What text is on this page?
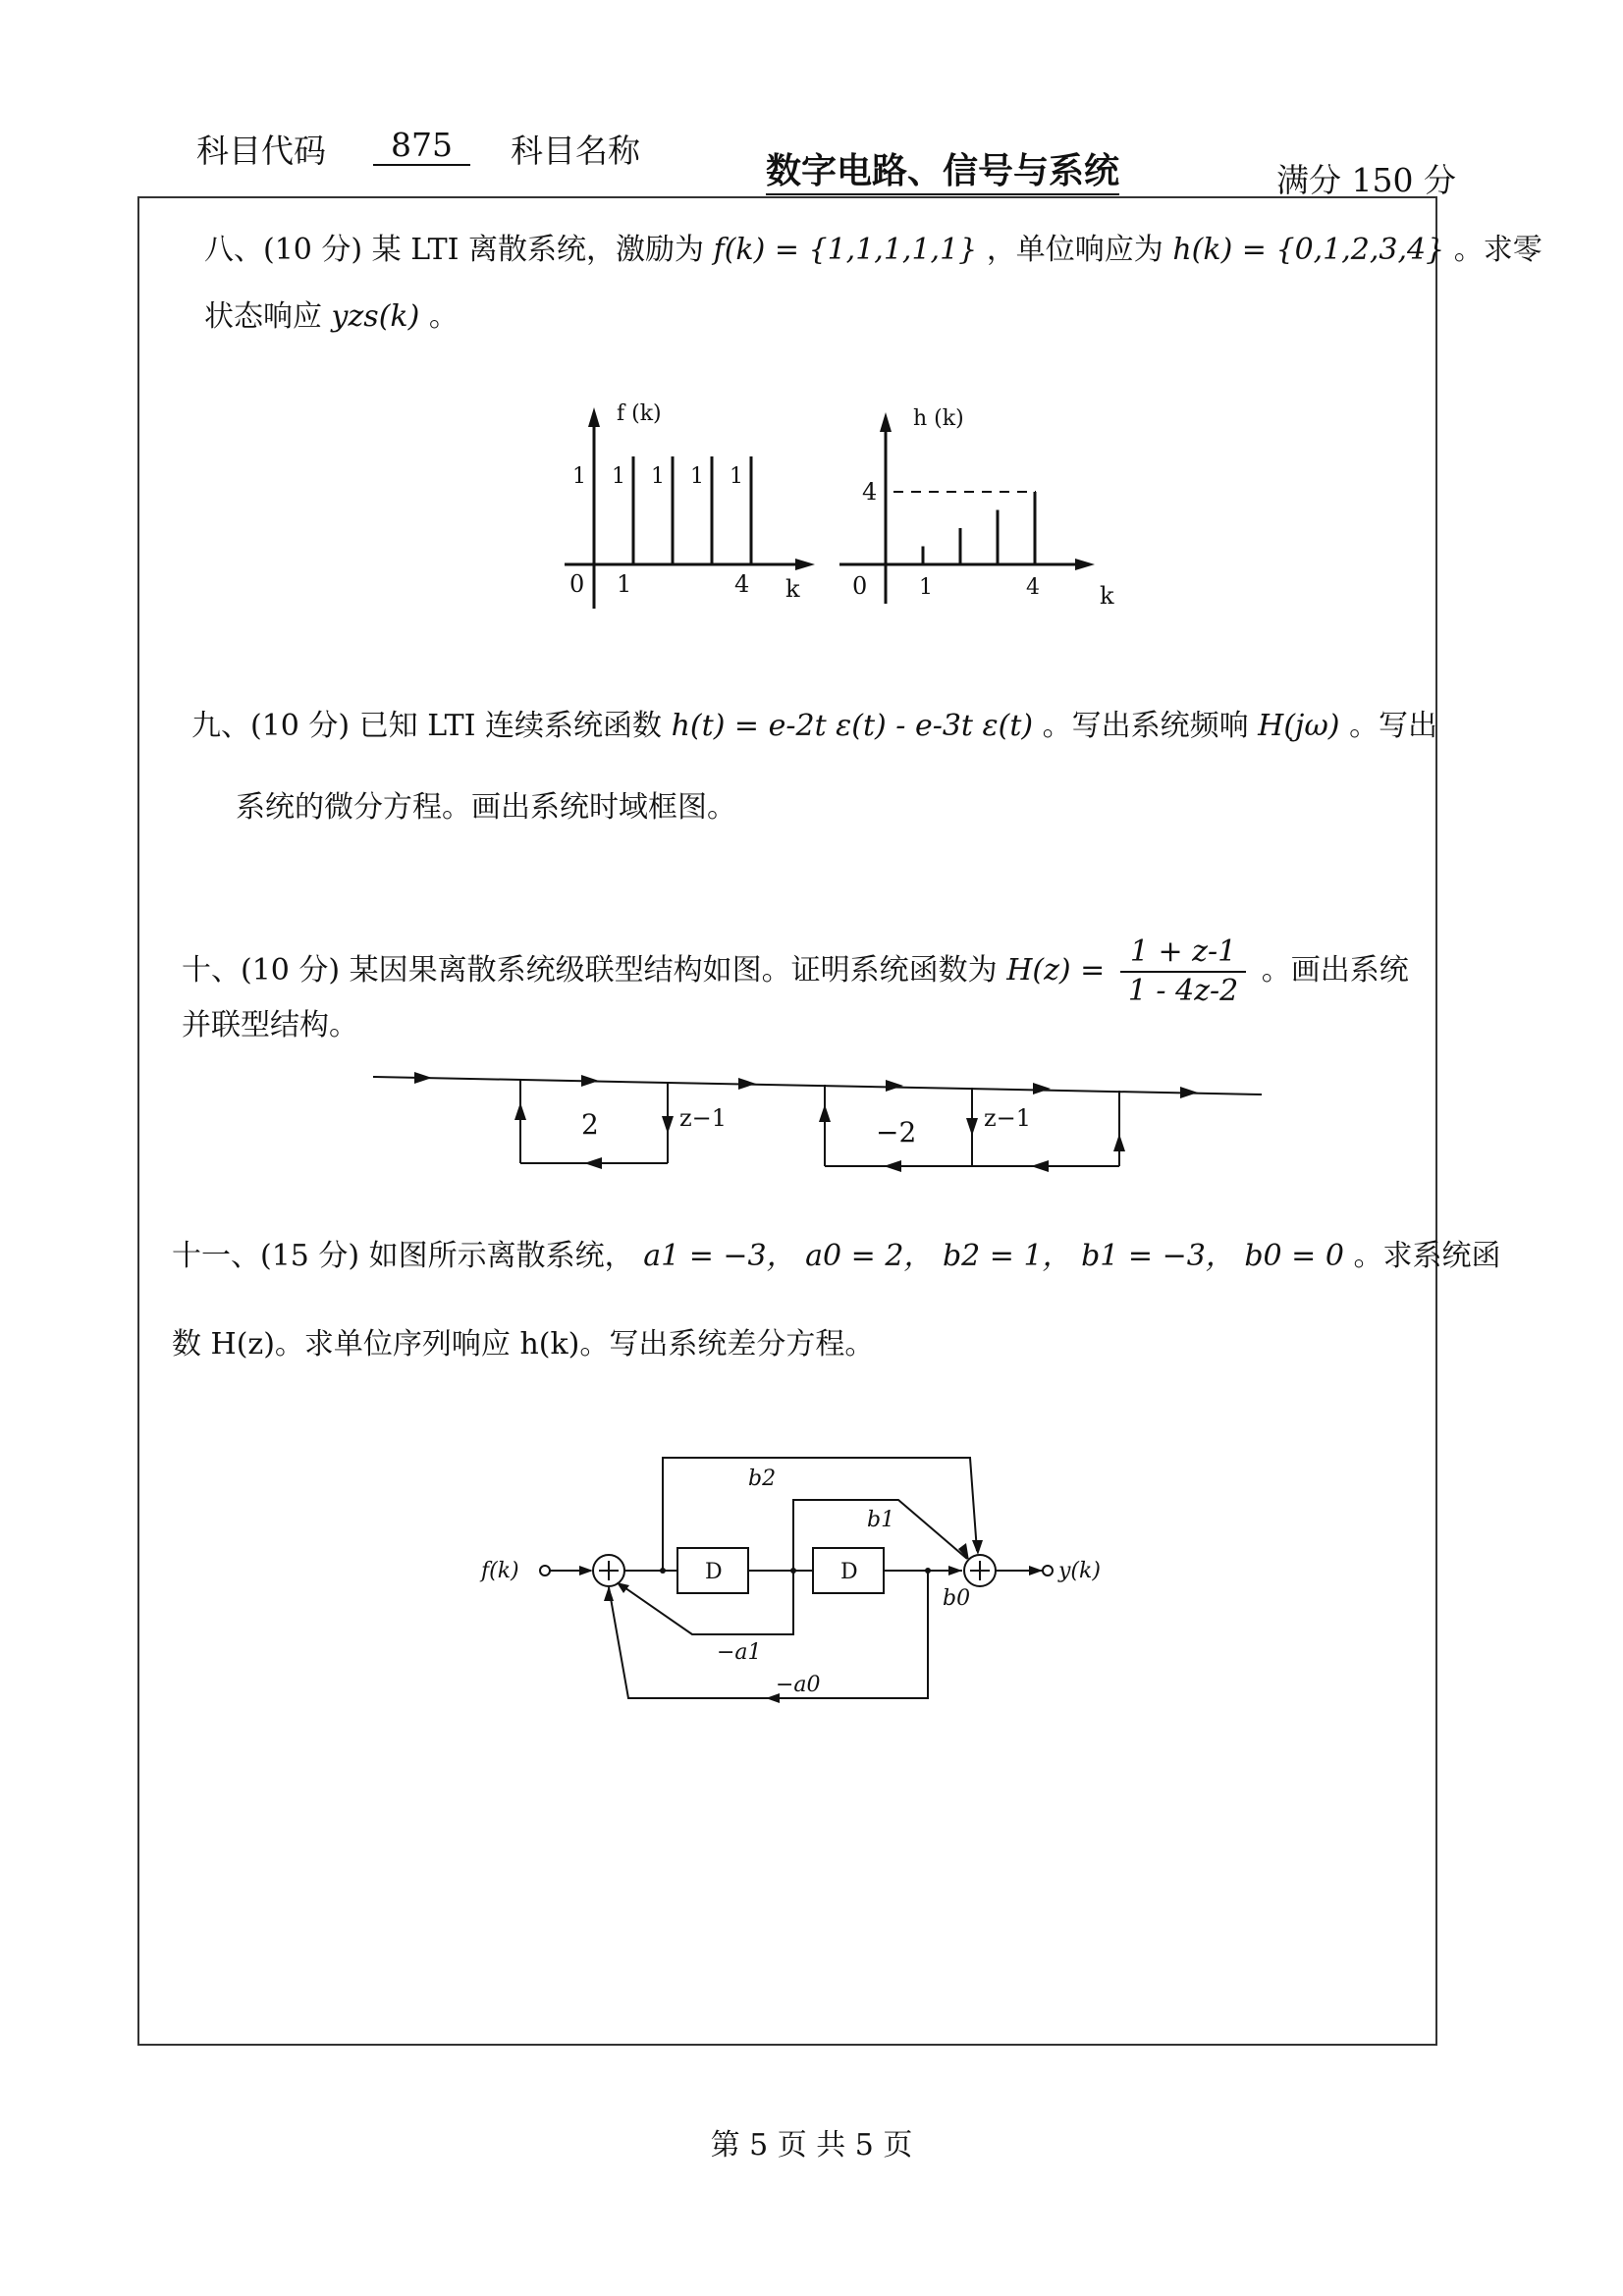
科目代码	875	科目名称	数字电路、信号与系统	满分 150 分
八、(10 分) 某 LTI 离散系统，激励为 f(k) = {1,1,1,1,1} ，单位响应为 h(k) = {0,1,2,3,4} 。求零
状态响应 yzs(k) 。
f (k)
k
0 1	4
1 1 1 1 1
h (k)
k
0 1	4
4
九、(10 分) 已知 LTI 连续系统函数 h(t) = e-2t ε(t) - e-3t ε(t) 。写出系统频响 H(jω) 。写出
系统的微分方程。画出系统时域框图。
十、(10 分) 某因果离散系统级联型结构如图。证明系统函数为 $H(z) = \frac{1 + z-1}{1 - 4z-2}$ 。画出系统
并联型结构。
2	z−1	−2	z−1
十一、(15 分) 如图所示离散系统， a1 = −3， a0 = 2， b2 = 1， b1 = −3， b0 = 0 。求系统函
数 H(z)。求单位序列响应 h(k)。写出系统差分方程。
f(k)	D	D	y(k)
b2
b1
b0
−a1
−a0
第 5 页 共 5 页
